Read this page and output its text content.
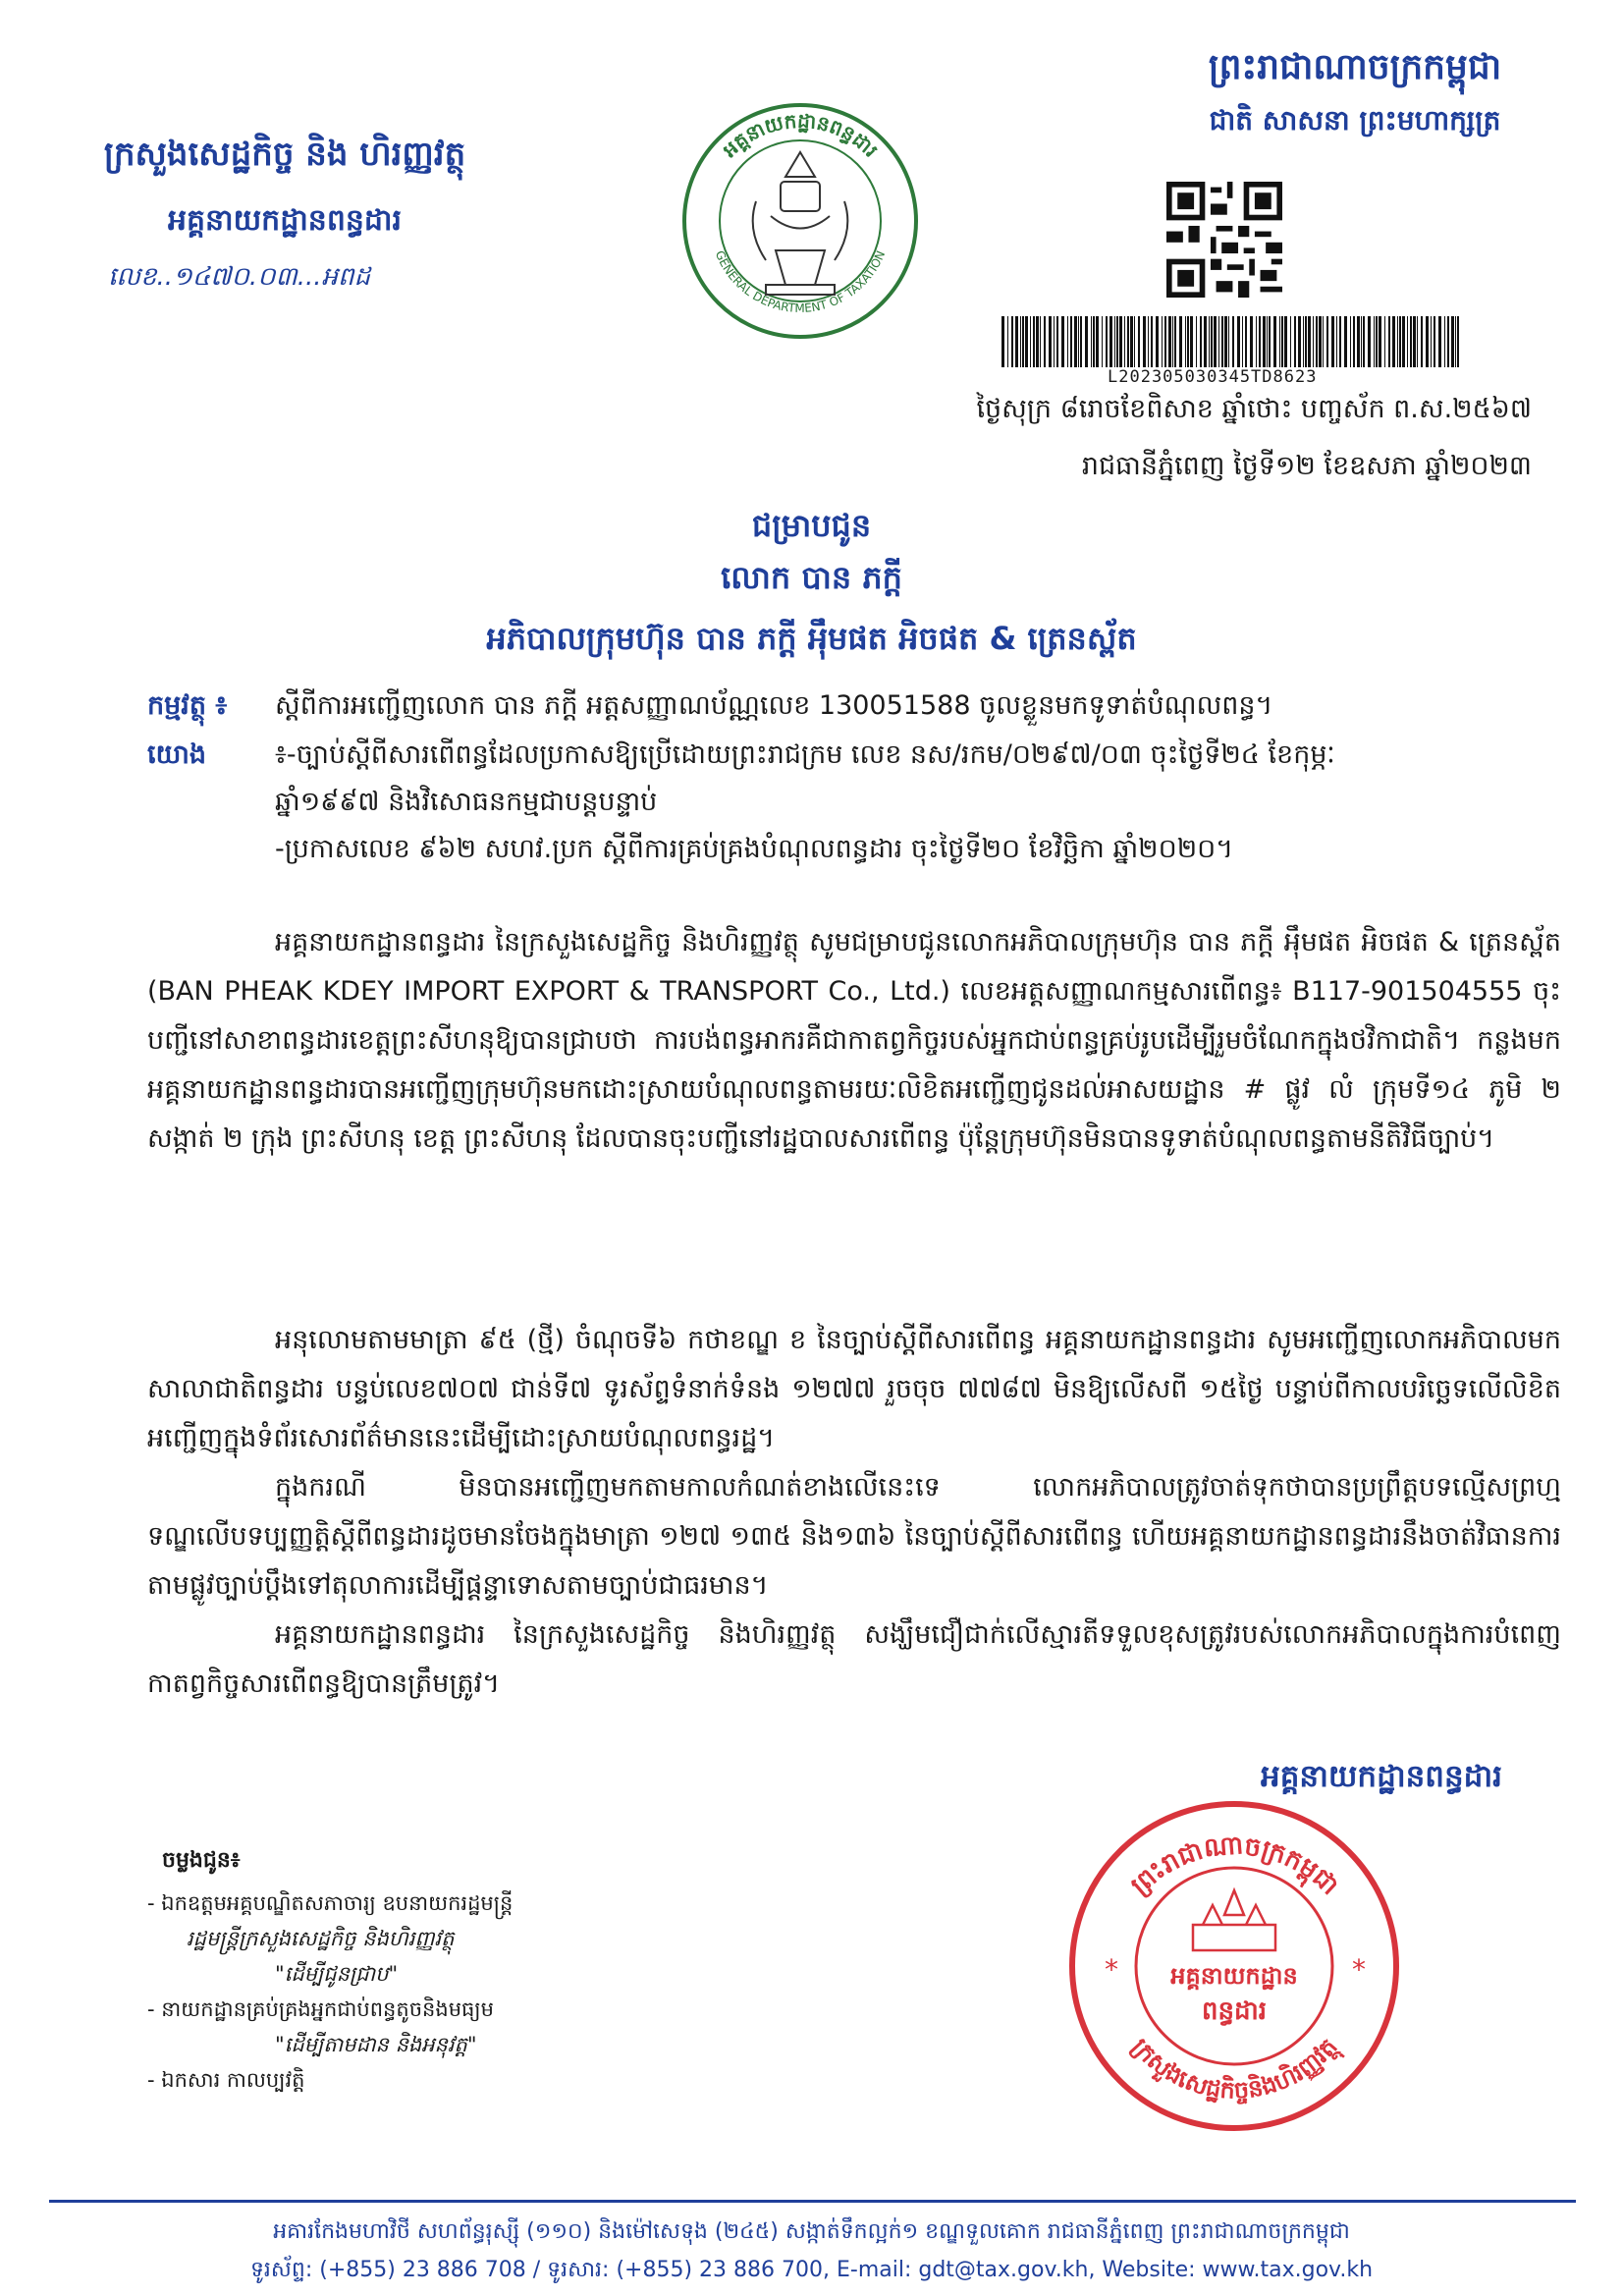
ក្រសួងសេដ្ឋកិច្ច និង ហិរញ្ញវត្ថុ
អគ្គនាយកដ្ឋានពន្ធដារ
លេខ..១៤៧០.០៣...អពដ
អគ្គនាយកដ្ឋានពន្ធដារ
GENERAL DEPARTMENT OF TAXATION
ព្រះរាជាណាចក្រកម្ពុជា
ជាតិ សាសនា ព្រះមហាក្សត្រ
L202305030345TD8623
ថ្ងៃសុក្រ ៨រោចខែពិសាខ ឆ្នាំថោះ បញ្ចស័ក ព.ស.២៥៦៧
រាជធានីភ្នំពេញ ថ្ងៃទី១២ ខែឧសភា ឆ្នាំ២០២៣
ជម្រាបជូន
លោក បាន ភក្តី
អភិបាលក្រុមហ៊ុន បាន ភក្តី អុឹមផត អិចផត & ត្រេនស្ព័ត
កម្មវត្ថុ ៖ ស្តីពីការអញ្ជើញលោក បាន ភក្តី អត្តសញ្ញាណប័ណ្ណលេខ 130051588 ចូលខ្លួនមកទូទាត់បំណុលពន្ធ។
យោង	៖-ច្បាប់ស្តីពីសារពើពន្ធដែលប្រកាសឱ្យប្រើដោយព្រះរាជក្រម លេខ នស/រកម/០២៩៧/០៣ ចុះថ្ងៃទី២៤ ខែកុម្ភៈ
ឆ្នាំ១៩៩៧ និងវិសោធនកម្មជាបន្តបន្ទាប់
-ប្រកាសលេខ ៩៦២ សហវ.ប្រក ស្តីពីការគ្រប់គ្រងបំណុលពន្ធដារ ចុះថ្ងៃទី២០ ខែវិច្ឆិកា ឆ្នាំ២០២០។
អគ្គនាយកដ្ឋានពន្ធដារ នៃក្រសួងសេដ្ឋកិច្ច និងហិរញ្ញវត្ថុ សូមជម្រាបជូនលោកអភិបាលក្រុមហ៊ុន បាន ភក្តី អុឹមផត អិចផត & ត្រេនស្ព័ត (BAN PHEAK KDEY IMPORT EXPORT & TRANSPORT Co., Ltd.) លេខអត្តសញ្ញាណកម្មសារពើពន្ធ៖ B117-901504555 ចុះបញ្ជីនៅសាខាពន្ធដារខេត្តព្រះសីហនុឱ្យបានជ្រាបថា ការបង់ពន្ធអាករគឺជាកាតព្វកិច្ចរបស់អ្នកជាប់ពន្ធគ្រប់រូបដើម្បីរួមចំណែកក្នុងថវិកាជាតិ។ កន្លងមក អគ្គនាយកដ្ឋានពន្ធដារបានអញ្ជើញក្រុមហ៊ុនមកដោះស្រាយបំណុលពន្ធតាមរយៈលិខិតអញ្ជើញជូនដល់អាសយដ្ឋាន # ផ្លូវ លំ ក្រុមទី១៤ ភូមិ ២ សង្កាត់ ២ ក្រុង ព្រះសីហនុ ខេត្ត ព្រះសីហនុ ដែលបានចុះបញ្ជីនៅរដ្ឋបាលសារពើពន្ធ ប៉ុន្តែក្រុមហ៊ុនមិនបានទូទាត់បំណុលពន្ធតាមនីតិវិធីច្បាប់។
អនុលោមតាមមាត្រា ៩៥ (ថ្មី) ចំណុចទី៦ កថាខណ្ឌ ខ នៃច្បាប់ស្តីពីសារពើពន្ធ អគ្គនាយកដ្ឋានពន្ធដារ សូមអញ្ជើញលោកអភិបាលមកសាលាជាតិពន្ធដារ បន្ទប់លេខ៧០៧ ជាន់ទី៧ ទូរស័ព្ទទំនាក់ទំនង ១២៧៧ រួចចុច ៧៧៨៧ មិនឱ្យលើសពី ១៥ថ្ងៃ បន្ទាប់ពីកាលបរិច្ឆេទលើលិខិតអញ្ជើញក្នុងទំព័រសោរព័ត៌មាននេះដើម្បីដោះស្រាយបំណុលពន្ធរដ្ឋ។
ក្នុងករណី មិនបានអញ្ជើញមកតាមកាលកំណត់ខាងលើនេះទេ លោកអភិបាលត្រូវចាត់ទុកថាបានប្រព្រឹត្តបទល្មើសព្រហ្មទណ្ឌលើបទប្បញ្ញត្តិស្តីពីពន្ធដារដូចមានចែងក្នុងមាត្រា ១២៧ ១៣៥ និង១៣៦ នៃច្បាប់ស្តីពីសារពើពន្ធ ហើយអគ្គនាយកដ្ឋានពន្ធដារនឹងចាត់វិធានការតាមផ្លូវច្បាប់ប្តឹងទៅតុលាការដើម្បីផ្តន្ទាទោសតាមច្បាប់ជាធរមាន។
អគ្គនាយកដ្ឋានពន្ធដារ នៃក្រសួងសេដ្ឋកិច្ច និងហិរញ្ញវត្ថុ សង្ឃឹមជឿជាក់លើស្មារតីទទួលខុសត្រូវរបស់លោកអភិបាលក្នុងការបំពេញកាតព្វកិច្ចសារពើពន្ធឱ្យបានត្រឹមត្រូវ។
អគ្គនាយកដ្ឋានពន្ធដារ
ព្រះរាជាណាចក្រកម្ពុជា
ក្រសួងសេដ្ឋកិច្ចនិងហិរញ្ញវត្ថុ
អគ្គនាយកដ្ឋាន
ពន្ធដារ
*	*
ចម្លងជូន៖
- ឯកឧត្តមអគ្គបណ្ឌិតសភាចារ្យ ឧបនាយករដ្ឋមន្ត្រី
រដ្ឋមន្ត្រីក្រសួងសេដ្ឋកិច្ច និងហិរញ្ញវត្ថុ
"ដើម្បីជូនជ្រាប"
- នាយកដ្ឋានគ្រប់គ្រងអ្នកជាប់ពន្ធតូចនិងមធ្យម
"ដើម្បីតាមដាន និងអនុវត្ត"
- ឯកសារ កាលប្បវត្តិ
អគារកែងមហាវិថី សហព័ន្ធរុស្ស៊ី (១១០) និងម៉ៅសេទុង (២៤៥) សង្កាត់ទឹកល្អក់១ ខណ្ឌទួលគោក រាជធានីភ្នំពេញ ព្រះរាជាណាចក្រកម្ពុជា
ទូរស័ព្ទ: (+855) 23 886 708 / ទូរសារ: (+855) 23 886 700, E-mail: gdt@tax.gov.kh, Website: www.tax.gov.kh
